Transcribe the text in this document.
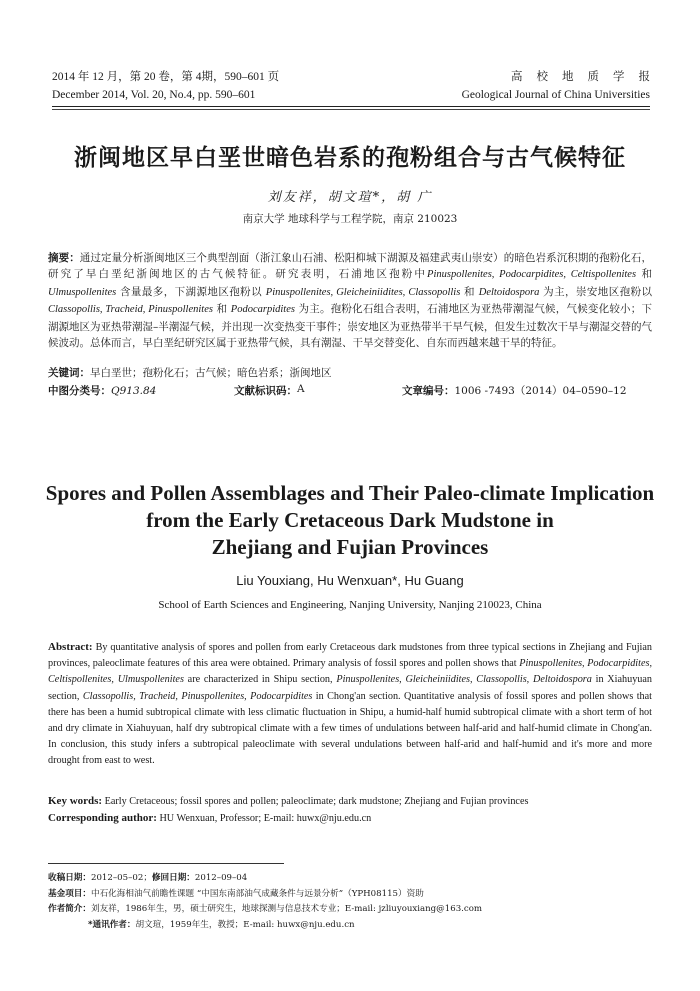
2014 年 12 月，第 20 卷，第 4期，590–601 页
December 2014, Vol. 20, No.4, pp. 590–601
高校地质学报
Geological Journal of China Universities
浙闽地区早白垩世暗色岩系的孢粉组合与古气候特征
刘友祥，胡文瑄*，胡 广
南京大学 地球科学与工程学院，南京 210023
摘要：通过定量分析浙闽地区三个典型剖面（浙江象山石浦、松阳枊城下湖源及福建武夷山崇安）的暗色岩系沉积期的孢粉化石，研究了早白垩纪浙闽地区的古气候特征。研究表明，石浦地区孢粉中Pinuspollenites, Podocarpidites, Celtispollenites 和 Ulmuspollenites 含量最多，下湖源地区孢粉以 Pinuspollenites, Gleicheiniidites, Classopollis 和 Deltoidospora 为主，崇安地区孢粉以 Classopollis, Tracheid, Pinuspollenites 和 Podocarpidites 为主。孢粉化石组合表明，石浦地区为亚热带潮湿气候，气候变化较小；下湖源地区为亚热带潮湿–半潮湿气候，并出现一次变热变干事件；崇安地区为亚热带半干旱气候，但发生过数次干旱与潮湿交替的气候波动。总体而言，早白垩纪研究区属于亚热带气候，具有潮湿、干旱交替变化、自东而西越来越干旱的特征。
关键词：早白垩世；孢粉化石；古气候；暗色岩系；浙闽地区
中图分类号：Q913.84	文献标识码： A	文章编号： 1006 -7493（2014）04–0590–12
Spores and Pollen Assemblages and Their Paleo-climate Implication
from the Early Cretaceous Dark Mudstone in
Zhejiang and Fujian Provinces
Liu Youxiang, Hu Wenxuan*, Hu Guang
School of Earth Sciences and Engineering, Nanjing University, Nanjing 210023, China
Abstract: By quantitative analysis of spores and pollen from early Cretaceous dark mudstones from three typical sections in Zhejiang and Fujian provinces, paleoclimate features of this area were obtained. Primary analysis of fossil spores and pollen shows that Pinuspollenites, Podocarpidites, Celtispollenites, Ulmuspollenites are characterized in Shipu section, Pinuspollenites, Gleicheiniidites, Classopollis, Deltoidospora in Xiahuyuan section, Classopollis, Tracheid, Pinuspollenites, Podocarpidites in Chong'an section. Quantitative analysis of fossil spores and pollen shows that there has been a humid subtropical climate with less climatic fluctuation in Shipu, a humid-half humid subtropical climate with a short term of hot and dry climate in Xiahuyuan, half dry subtropical climate with a few times of undulations between half-arid and half-humid climate in Chong'an. In conclusion, this study infers a subtropical paleoclimate with several undulations between half-arid and half-humid and it's more and more drought from east to west.
Key words: Early Cretaceous; fossil spores and pollen; paleoclimate; dark mudstone; Zhejiang and Fujian provinces
Corresponding author: HU Wenxuan, Professor; E-mail: huwx@nju.edu.cn
收稿日期：2012–05–02；修回日期：2012–09–04
基金项目：中石化海相油气前瞻性课题 “中国东南部油气成藏条件与远景分析”（YPH08115）资助
作者简介：刘友祥，1986年生，男，硕士研究生，地球探测与信息技术专业；E-mail: jzliuyouxiang@163.com
*通讯作者：胡文瑄，1959年生，教授；E-mail: huwx@nju.edu.cn
